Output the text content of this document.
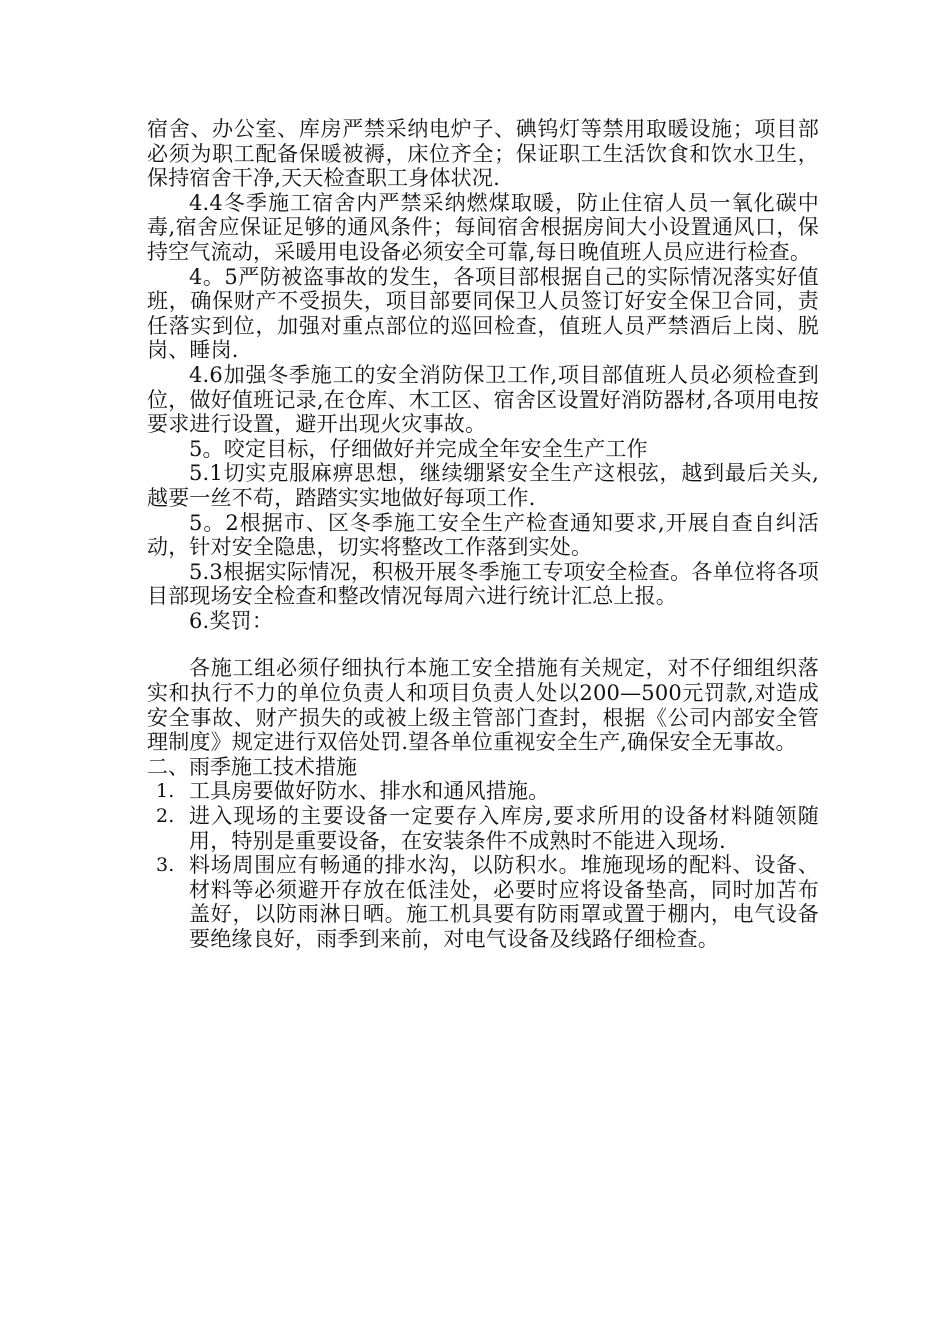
宿舍、办公室、库房严禁采纳电炉子、碘钨灯等禁用取暖设施；项目部必须为职工配备保暖被褥，床位齐全；保证职工生活饮食和饮水卫生，保持宿舍干净,天天检查职工身体状况.

4.4冬季施工宿舍内严禁采纳燃煤取暖，防止住宿人员一氧化碳中毒,宿舍应保证足够的通风条件；每间宿舍根据房间大小设置通风口，保持空气流动，采暖用电设备必须安全可靠,每日晚值班人员应进行检查。

4。5严防被盗事故的发生，各项目部根据自己的实际情况落实好值班，确保财产不受损失，项目部要同保卫人员签订好安全保卫合同，责任落实到位，加强对重点部位的巡回检查，值班人员严禁酒后上岗、脱岗、睡岗.

4.6加强冬季施工的安全消防保卫工作,项目部值班人员必须检查到位，做好值班记录,在仓库、木工区、宿舍区设置好消防器材,各项用电按要求进行设置，避开出现火灾事故。

5。咬定目标，仔细做好并完成全年安全生产工作

5.1切实克服麻痹思想，继续绷紧安全生产这根弦，越到最后关头,越要一丝不苟，踏踏实实地做好每项工作.

5。2根据市、区冬季施工安全生产检查通知要求,开展自查自纠活动，针对安全隐患，切实将整改工作落到实处。

5.3根据实际情况，积极开展冬季施工专项安全检查。各单位将各项目部现场安全检查和整改情况每周六进行统计汇总上报。

6.奖罚：

各施工组必须仔细执行本施工安全措施有关规定，对不仔细组织落实和执行不力的单位负责人和项目负责人处以200—500元罚款,对造成安全事故、财产损失的或被上级主管部门查封，根据《公司内部安全管理制度》规定进行双倍处罚.望各单位重视安全生产,确保安全无事故。

二、雨季施工技术措施

1. 工具房要做好防水、排水和通风措施。
2. 进入现场的主要设备一定要存入库房,要求所用的设备材料随领随用，特别是重要设备，在安装条件不成熟时不能进入现场.
3. 料场周围应有畅通的排水沟，以防积水。堆施现场的配料、设备、材料等必须避开存放在低洼处，必要时应将设备垫高，同时加苫布盖好，以防雨淋日晒。施工机具要有防雨罩或置于棚内，电气设备要绝缘良好，雨季到来前，对电气设备及线路仔细检查。
